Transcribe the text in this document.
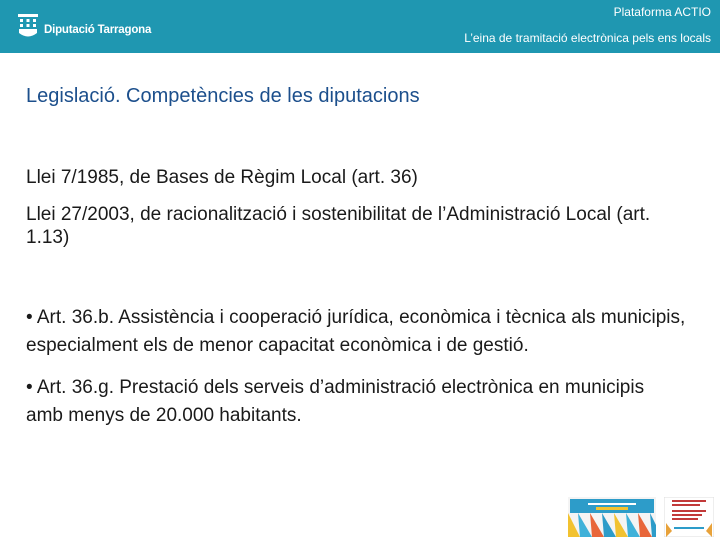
Diputació Tarragona
Plataforma ACTIO
L’eina de tramitació electrònica pels ens locals
Legislació. Competències de les diputacions

Llei 7/1985, de Bases de Règim Local (art. 36)

Llei 27/2003, de racionalització i sostenibilitat de l’Administració Local (art. 1.13)

• Art. 36.b. Assistència i cooperació jurídica, econòmica i tècnica als municipis, especialment els de menor capacitat econòmica i de gestió.

• Art. 36.g. Prestació dels serveis d’administració electrònica en municipis amb menys de 20.000 habitants.
